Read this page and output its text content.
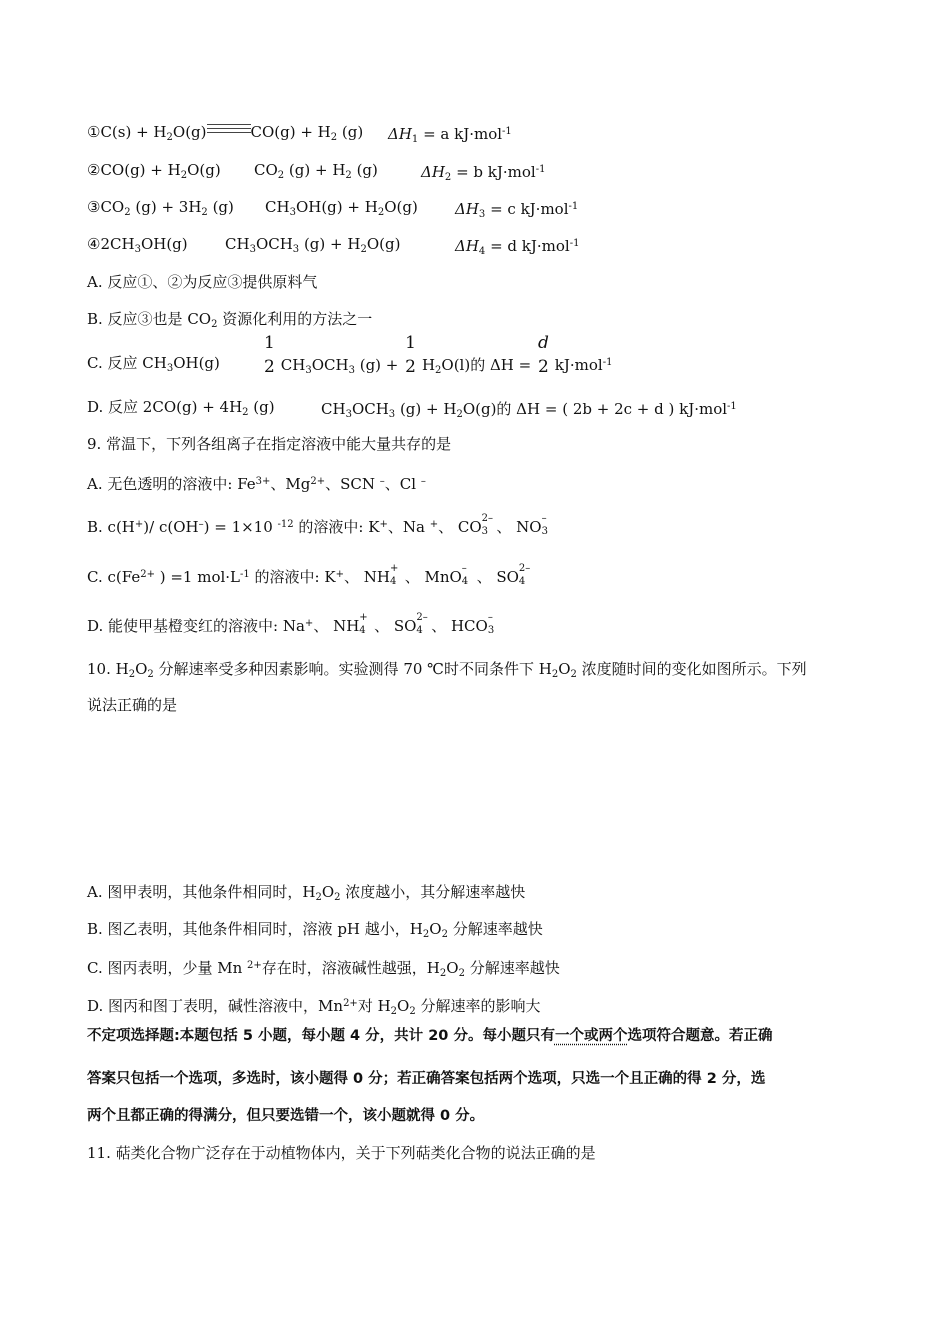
①C(s) + $H_2O(g)$	$CO(g) + H_2$ (g) $\Delta H_1 = a$ kJ·mol$^{-1}$
②CO(g) + $H_2O(g)$ $CO_2$ $(g) + H_2$ (g)	$\Delta H_2 = b$ kJ·mol$^{-1}$
$③CO_2$ $(g) + 3H_2$ (g) $CH_3OH(g) + H_2O(g) \Delta H_3 = c$ kJ·mol$^{-1}$
$④2CH_3OH(g)$ $CH_3OCH_3$ $(g) + H_2O(g)$	$\Delta H_4 = d$ kJ·mol$^{-1}$
A. 反应①、②为反应③提供原料气
B. 反应③也是 $CO_2$ 资源化利用的方法之一
C. 反应 $CH_3OH(g)$
1
2 $CH_3OCH_3$ (g) +
1
2 $H_2O(l)$的 ΔH =
d
2 kJ·mol$^{-1}$
D. 反应 $2CO(g) + 4H_2$ (g)	$CH_3OCH_3$ $(g) + H_2O(g)$的 ΔH = ( 2b + 2c + d ) kJ·mol$^{-1}$
9. 常温下，下列各组离子在指定溶液中能大量共存的是
A. 无色透明的溶液中: $Fe^{3+}$、$Mg^{2+}$、SCN –、Cl –
B. c(H+)/ c(OH–) = 1×10 $^{-12}$ 的溶液中: K+、Na +、 CO 2–
3 、 NO –
3
C. $c(Fe^{2+}$ ) =1 $mol\cdot L^{-1}$ 的溶液中: K+、 NH +
4 、 MnO –
4 、 SO 2–
4
D. 能使甲基橙变红的溶液中: Na+、 NH +
4 、 SO 2–
4 、 HCO –
3
10. $H_2O_2$ 分解速率受多种因素影响。实验测得 70 ℃时不同条件下 $H_2O_2$ 浓度随时间的变化如图所示。下列
说法正确的是
A. 图甲表明，其他条件相同时，$H_2O_2$ 浓度越小，其分解速率越快
B. 图乙表明，其他条件相同时，溶液 pH 越小，$H_2O_2$ 分解速率越快
C. 图丙表明，少量 Mn $^{2+}$存在时，溶液碱性越强，$H_2O_2$ 分解速率越快
D. 图丙和图丁表明，碱性溶液中，$Mn^{2+}$对 $H_2O_2$ 分解速率的影响大
不定项选择题:本题包括 5 小题，每小题 4 分，共计 20 分。每小题只有一个或两个选项符合题意。若正确
答案只包括一个选项，多选时，该小题得 0 分；若正确答案包括两个选项，只选一个且正确的得 2 分，选
两个且都正确的得满分，但只要选错一个，该小题就得 0 分。
11. 萜类化合物广泛存在于动植物体内，关于下列萜类化合物的说法正确的是
